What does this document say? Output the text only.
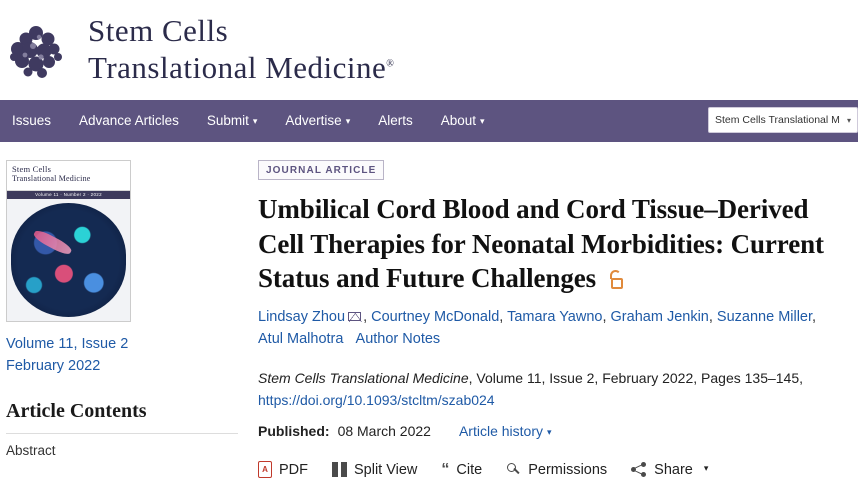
Stem Cells
Translational Medicine®
Issues	Advance Articles	Submit ▾	Advertise ▾	Alerts	About ▾	Stem Cells Translational M ▾
Stem Cells
Translational Medicine
Volume 11 · Number 2 · 2022
Volume 11, Issue 2
February 2022
Article Contents
Abstract
JOURNAL ARTICLE
Umbilical Cord Blood and Cord Tissue–Derived Cell Therapies for Neonatal Morbidities: Current Status and Future Challenges
Lindsay Zhou , Courtney McDonald, Tamara Yawno, Graham Jenkin, Suzanne Miller,
Atul Malhotra Author Notes
Stem Cells Translational Medicine, Volume 11, Issue 2, February 2022, Pages 135–145,
https://doi.org/10.1093/stcltm/szab024
Published: 08 March 2022 Article history ▾
A PDF	Split View “ Cite	Permissions	Share ▾
